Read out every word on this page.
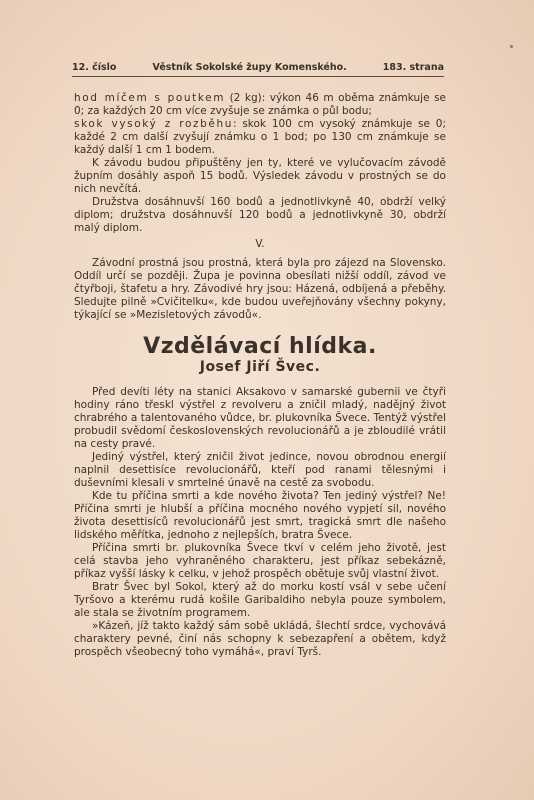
12. číslo	Věstník Sokolské župy Komenského.	183. strana

hod míčem s poutkem (2 kg): výkon 46 m oběma známkuje se 0; za každých 20 cm více zvyšuje se známka o půl bodu;

skok vysoký z rozběhu: skok 100 cm vysoký známkuje se 0; každé 2 cm další zvyšují známku o 1 bod; po 130 cm známkuje se každý další 1 cm 1 bodem.

K závodu budou připuštěny jen ty, které ve vylučovacím závodě župním dosáhly aspoň 15 bodů. Výsledek závodu v prostných se do nich nevčítá.

Družstva dosáhnuvší 160 bodů a jednotlivkyně 40, obdrží velký diplom; družstva dosáhnuvší 120 bodů a jednotlivkyně 30, obdrží malý diplom.

V.

Závodní prostná jsou prostná, která byla pro zájezd na Slovensko. Oddíl určí se později. Župa je povinna obesílati nižší oddíl, závod ve čtyřboji, štafetu a hry. Závodivé hry jsou: Házená, odbíjená a přeběhy. Sledujte pilně »Cvičitelku«, kde budou uveřejňovány všechny pokyny, týkající se »Mezisletových závodů«.

Vzdělávací hlídka.
Josef Jiří Švec.

Před devíti léty na stanici Aksakovo v samarské gubernii ve čtyři hodiny ráno třeskl výstřel z revolveru a zničil mladý, nadějný život chrabrého a talentovaného vůdce, br. plukovníka Švece. Tentýž výstřel probudil svědomí československých revolucionářů a je zbloudilé vrátil na cesty pravé.

Jediný výstřel, který zničil život jedince, novou obrodnou energií naplnil desettisíce revolucionářů, kteří pod ranami tělesnými i duševními klesali v smrtelné únavě na cestě za svobodu.

Kde tu příčina smrti a kde nového života? Ten jediný výstřel? Ne! Příčina smrti je hlubší a příčina mocného nového vypjetí sil, nového života desettisíců revolucionářů jest smrt, tragická smrt dle našeho lidského měřítka, jednoho z nejlepších, bratra Švece.

Příčina smrti br. plukovníka Švece tkví v celém jeho životě, jest celá stavba jeho vyhraněného charakteru, jest příkaz sebekázně, příkaz vyšší lásky k celku, v jehož prospěch obětuje svůj vlastní život.

Bratr Švec byl Sokol, který až do morku kostí vsál v sebe učení Tyršovo a kterému rudá košile Garibaldiho nebyla pouze symbolem, ale stala se životním programem.

»Kázeň, jíž takto každý sám sobě ukládá, šlechtí srdce, vychovává charaktery pevné, činí nás schopny k sebezapření a obětem, když prospěch všeobecný toho vymáhá«, praví Tyrš.
